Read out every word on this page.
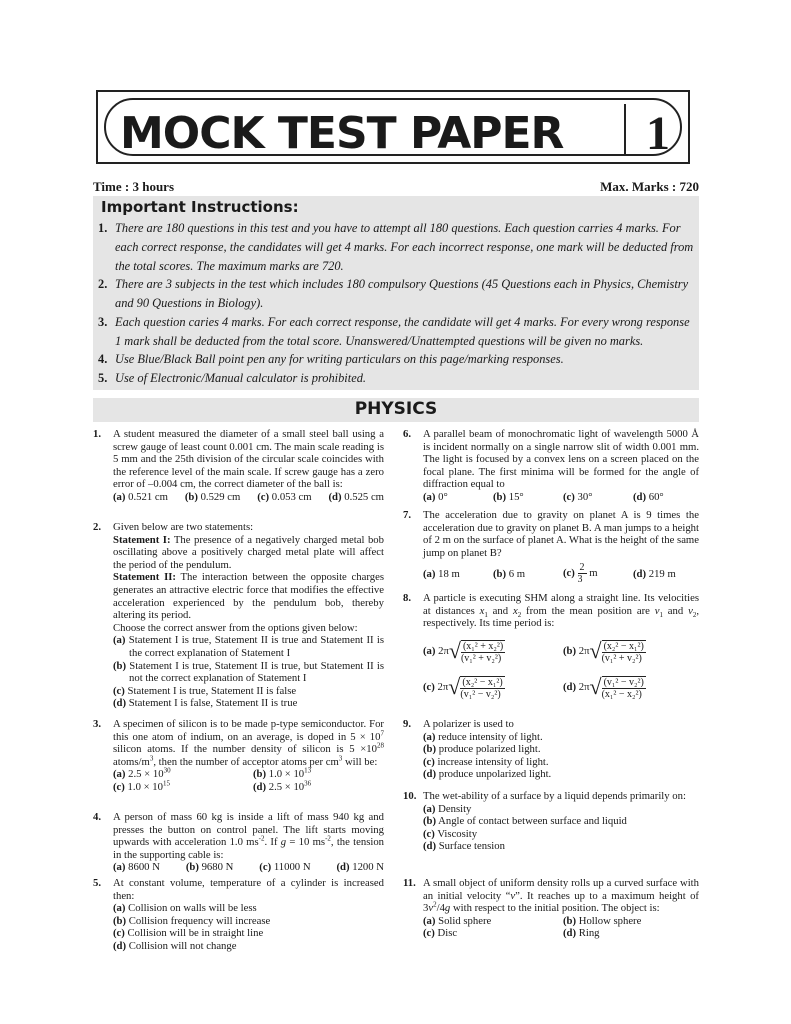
MOCK TEST PAPER 1
Time : 3 hours	Max. Marks : 720
Important Instructions:
1. There are 180 questions in this test and you have to attempt all 180 questions. Each question carries 4 marks. For each correct response, the candidates will get 4 marks. For each incorrect response, one mark will be deducted from the total scores. The maximum marks are 720.
2. There are 3 subjects in the test which includes 180 compulsory Questions (45 Questions each in Physics, Chemistry and 90 Questions in Biology).
3. Each question caries 4 marks. For each correct response, the candidate will get 4 marks. For every wrong response 1 mark shall be deducted from the total score. Unanswered/Unattempted questions will be given no marks.
4. Use Blue/Black Ball point pen any for writing particulars on this page/marking responses.
5. Use of Electronic/Manual calculator is prohibited.
PHYSICS
1. A student measured the diameter of a small steel ball using a screw gauge of least count 0.001 cm. The main scale reading is 5 mm and the 25th division of the circular scale coincides with the reference level of the main scale. If screw gauge has a zero error of –0.004 cm, the correct diameter of the ball is:
(a) 0.521 cm (b) 0.529 cm (c) 0.053 cm (d) 0.525 cm
2. Given below are two statements:
Statement I: The presence of a negatively charged metal bob oscillating above a positively charged metal plate will affect the period of the pendulum.
Statement II: The interaction between the opposite charges generates an attractive electric force that modifies the effective acceleration experienced by the pendulum bob, thereby altering its period.
Choose the correct answer from the options given below:
(a) Statement I is true, Statement II is true and Statement II is the correct explanation of Statement I
(b) Statement I is true, Statement II is true, but Statement II is not the correct explanation of Statement I
(c) Statement I is true, Statement II is false
(d) Statement I is false, Statement II is true
3. A specimen of silicon is to be made p-type semiconductor. For this one atom of indium, on an average, is doped in $5 \times 10^7$ silicon atoms. If the number density of silicon is $5 \times 10^{28}$ atoms/$m^3$, then the number of acceptor atoms per $cm^3$ will be:
(a) $2.5 \times 10^{30}$	(b) $1.0 \times 10^{13}$
(c) $1.0 \times 10^{15}$	(d) $2.5 \times 10^{36}$
4. A person of mass 60 kg is inside a lift of mass 940 kg and presses the button on control panel. The lift starts moving upwards with acceleration 1.0 $ms^{-2}$. If g = 10 $ms^{-2}$, the tension in the supporting cable is:
(a) 8600 N (b) 9680 N (c) 11000 N (d) 1200 N
5. At constant volume, temperature of a cylinder is increased then:
(a) Collision on walls will be less
(b) Collision frequency will increase
(c) Collision will be in straight line
(d) Collision will not change
6. A parallel beam of monochromatic light of wavelength 5000 Å is incident normally on a single narrow slit of width 0.001 mm. The light is focused by a convex lens on a screen placed on the focal plane. The first minima will be formed for the angle of diffraction equal to
(a) 0°	(b) 15°	(c) 30°	(d) 60°
7. The acceleration due to gravity on planet A is 9 times the acceleration due to gravity on planet B. A man jumps to a height of 2 m on the surface of planet A. What is the height of the same jump on planet B?
(a) 18 m	(b) 6 m	$(c) \frac{2}{3}$ m	(d) 219 m
8. A particle is executing SHM along a straight line. Its velocities at distances $x_1$ and $x_2$ from the mean position are $v_1$ and $v_2$, respectively. Its time period is:
(a)
2π √ $\frac{\text{(x₁² + x₂²)}}{\text{(v₁² + v₂²)}}$	(b)
2π √ $\frac{\text{(x₂² − x₁²)}}{\text{(v₁² + v₂²)}}$
(c)
2π √ $\frac{\text{(x₂² − x₁²)}}{\text{(v₁² − v₂²)}}$	(d)
2π √ $\frac{\text{(v₁² − v₂²)}}{\text{(x₁² − x₂²)}}$
9. A polarizer is used to
(a) reduce intensity of light.
(b) produce polarized light.
(c) increase intensity of light.
(d) produce unpolarized light.
10. The wet-ability of a surface by a liquid depends primarily on:
(a) Density
(b) Angle of contact between surface and liquid
(c) Viscosity
(d) Surface tension
11. A small object of uniform density rolls up a curved surface with an initial velocity “v”. It reaches up to a maximum height of $3v^2/4g$ with respect to the initial position. The object is:
(a) Solid sphere	(b) Hollow sphere
(c) Disc	(d) Ring
